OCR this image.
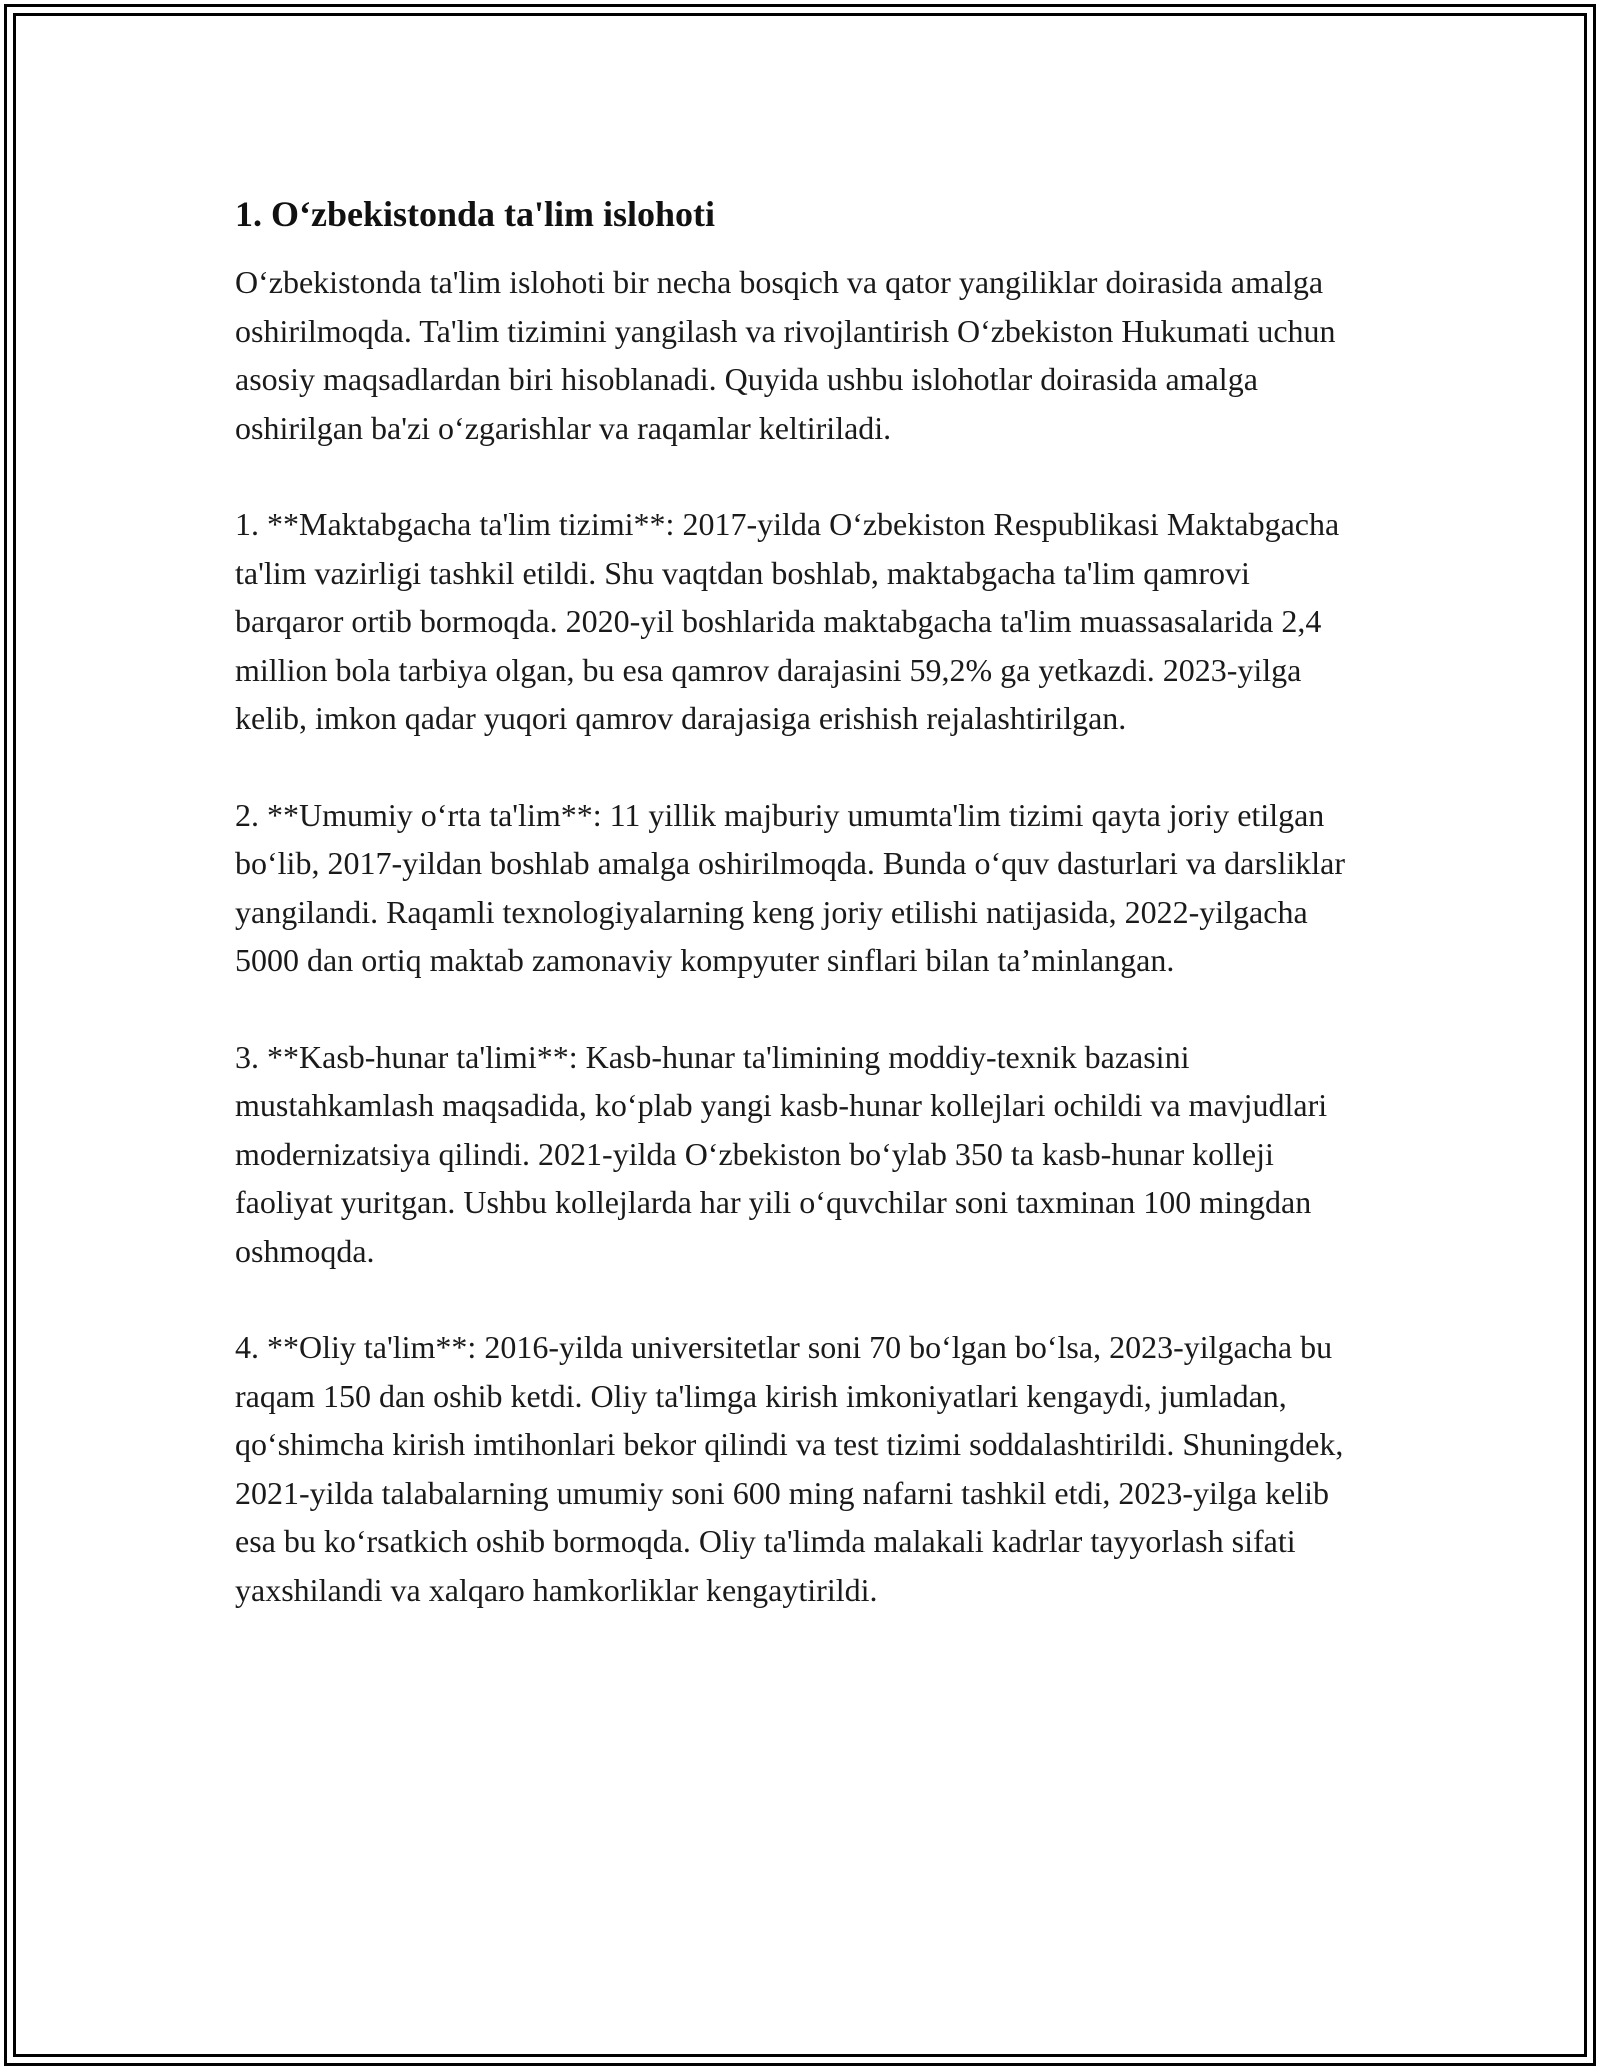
1. O‘zbekistonda ta'lim islohoti

O‘zbekistonda ta'lim islohoti bir necha bosqich va qator yangiliklar doirasida amalga oshirilmoqda. Ta'lim tizimini yangilash va rivojlantirish O‘zbekiston Hukumati uchun asosiy maqsadlardan biri hisoblanadi. Quyida ushbu islohotlar doirasida amalga oshirilgan ba'zi o‘zgarishlar va raqamlar keltiriladi.

1. **Maktabgacha ta'lim tizimi**: 2017-yilda O‘zbekiston Respublikasi Maktabgacha ta'lim vazirligi tashkil etildi. Shu vaqtdan boshlab, maktabgacha ta'lim qamrovi barqaror ortib bormoqda. 2020-yil boshlarida maktabgacha ta'lim muassasalarida 2,4 million bola tarbiya olgan, bu esa qamrov darajasini 59,2% ga yetkazdi. 2023-yilga kelib, imkon qadar yuqori qamrov darajasiga erishish rejalashtirilgan.

2. **Umumiy o‘rta ta'lim**: 11 yillik majburiy umumta'lim tizimi qayta joriy etilgan bo‘lib, 2017-yildan boshlab amalga oshirilmoqda. Bunda o‘quv dasturlari va darsliklar yangilandi. Raqamli texnologiyalarning keng joriy etilishi natijasida, 2022-yilgacha 5000 dan ortiq maktab zamonaviy kompyuter sinflari bilan ta’minlangan.

3. **Kasb-hunar ta'limi**: Kasb-hunar ta'limining moddiy-texnik bazasini mustahkamlash maqsadida, ko‘plab yangi kasb-hunar kollejlari ochildi va mavjudlari modernizatsiya qilindi. 2021-yilda O‘zbekiston bo‘ylab 350 ta kasb-hunar kolleji faoliyat yuritgan. Ushbu kollejlarda har yili o‘quvchilar soni taxminan 100 mingdan oshmoqda.

4. **Oliy ta'lim**: 2016-yilda universitetlar soni 70 bo‘lgan bo‘lsa, 2023-yilgacha bu raqam 150 dan oshib ketdi. Oliy ta'limga kirish imkoniyatlari kengaydi, jumladan, qo‘shimcha kirish imtihonlari bekor qilindi va test tizimi soddalashtirildi. Shuningdek, 2021-yilda talabalarning umumiy soni 600 ming nafarni tashkil etdi, 2023-yilga kelib esa bu ko‘rsatkich oshib bormoqda. Oliy ta'limda malakali kadrlar tayyorlash sifati yaxshilandi va xalqaro hamkorliklar kengaytirildi.
